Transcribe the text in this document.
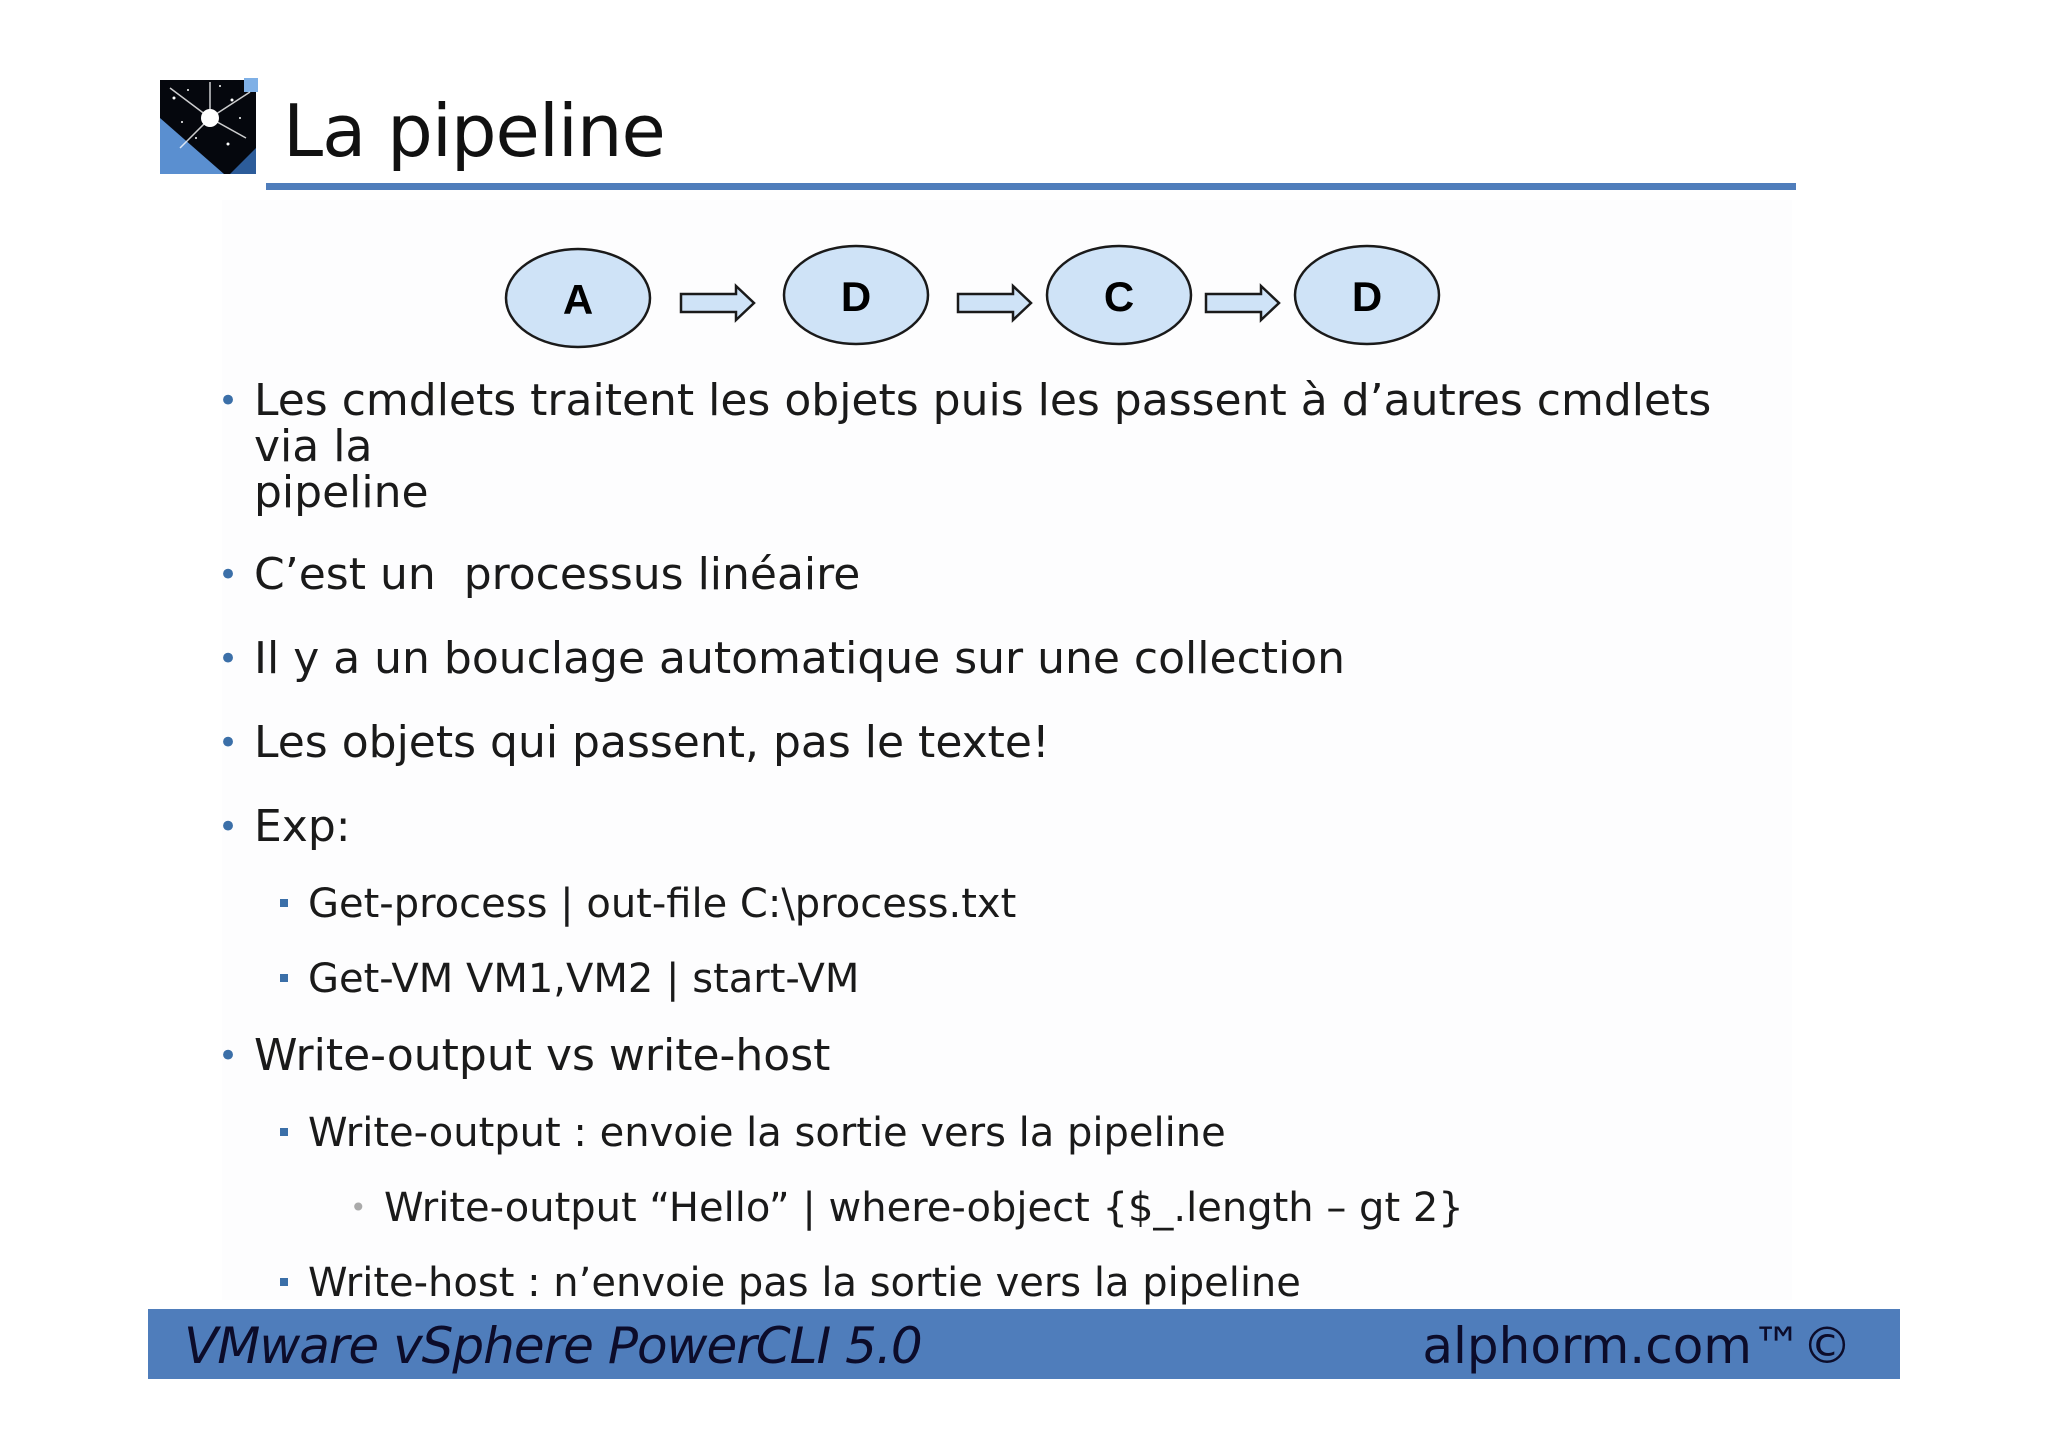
La pipeline
A	D	C	D
• Les cmdlets traitent les objets puis les passent à d’autres cmdlets via la
pipeline
• C’est un  processus linéaire
• Il y a un bouclage automatique sur une collection
• Les objets qui passent, pas le texte!
• Exp:
Get-process | out-file C:\process.txt
Get-VM VM1,VM2 | start-VM
• Write-output vs write-host
Write-output : envoie la sortie vers la pipeline
• Write-output “Hello” | where-object {$_.length – gt 2}
Write-host : n’envoie pas la sortie vers la pipeline
VMware vSphere PowerCLI 5.0	alphorm.com™©
